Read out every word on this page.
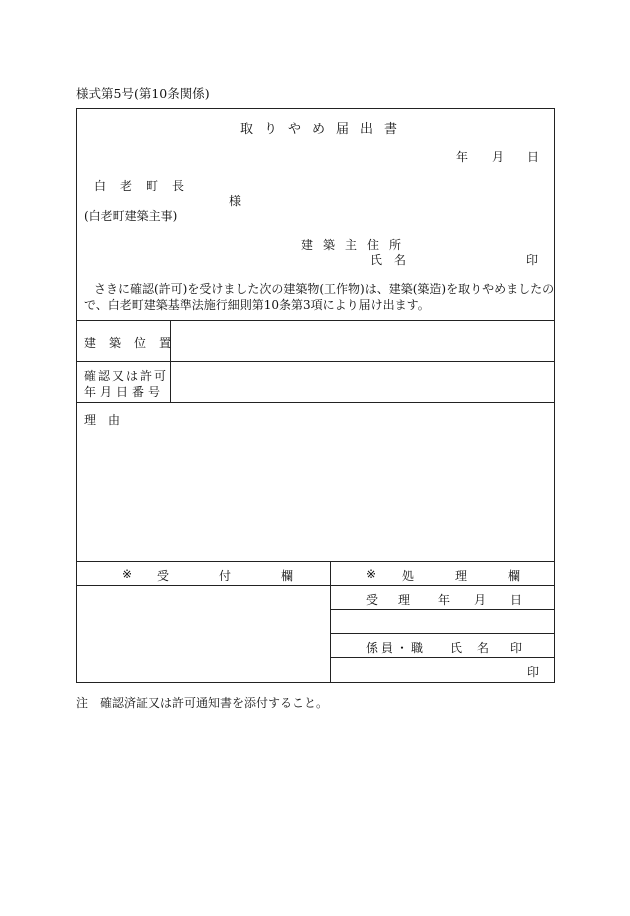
様式第5号(第10条関係)
取りやめ届出書
年 月 日
白老町長
様
(白老町建築主事)
建築主住所
氏名	印
さきに確認(許可)を受けました次の建築物(工作物)は、建築(築造)を取りやめましたの
で、白老町建築基準法施行細則第10条第3項により届け出ます。
建築位置
確認又は許可
年月日番号
理由
※ 受付欄 ※ 処理欄
受理 年 月 日
係員・職 氏名 印
印
注　確認済証又は許可通知書を添付すること。
